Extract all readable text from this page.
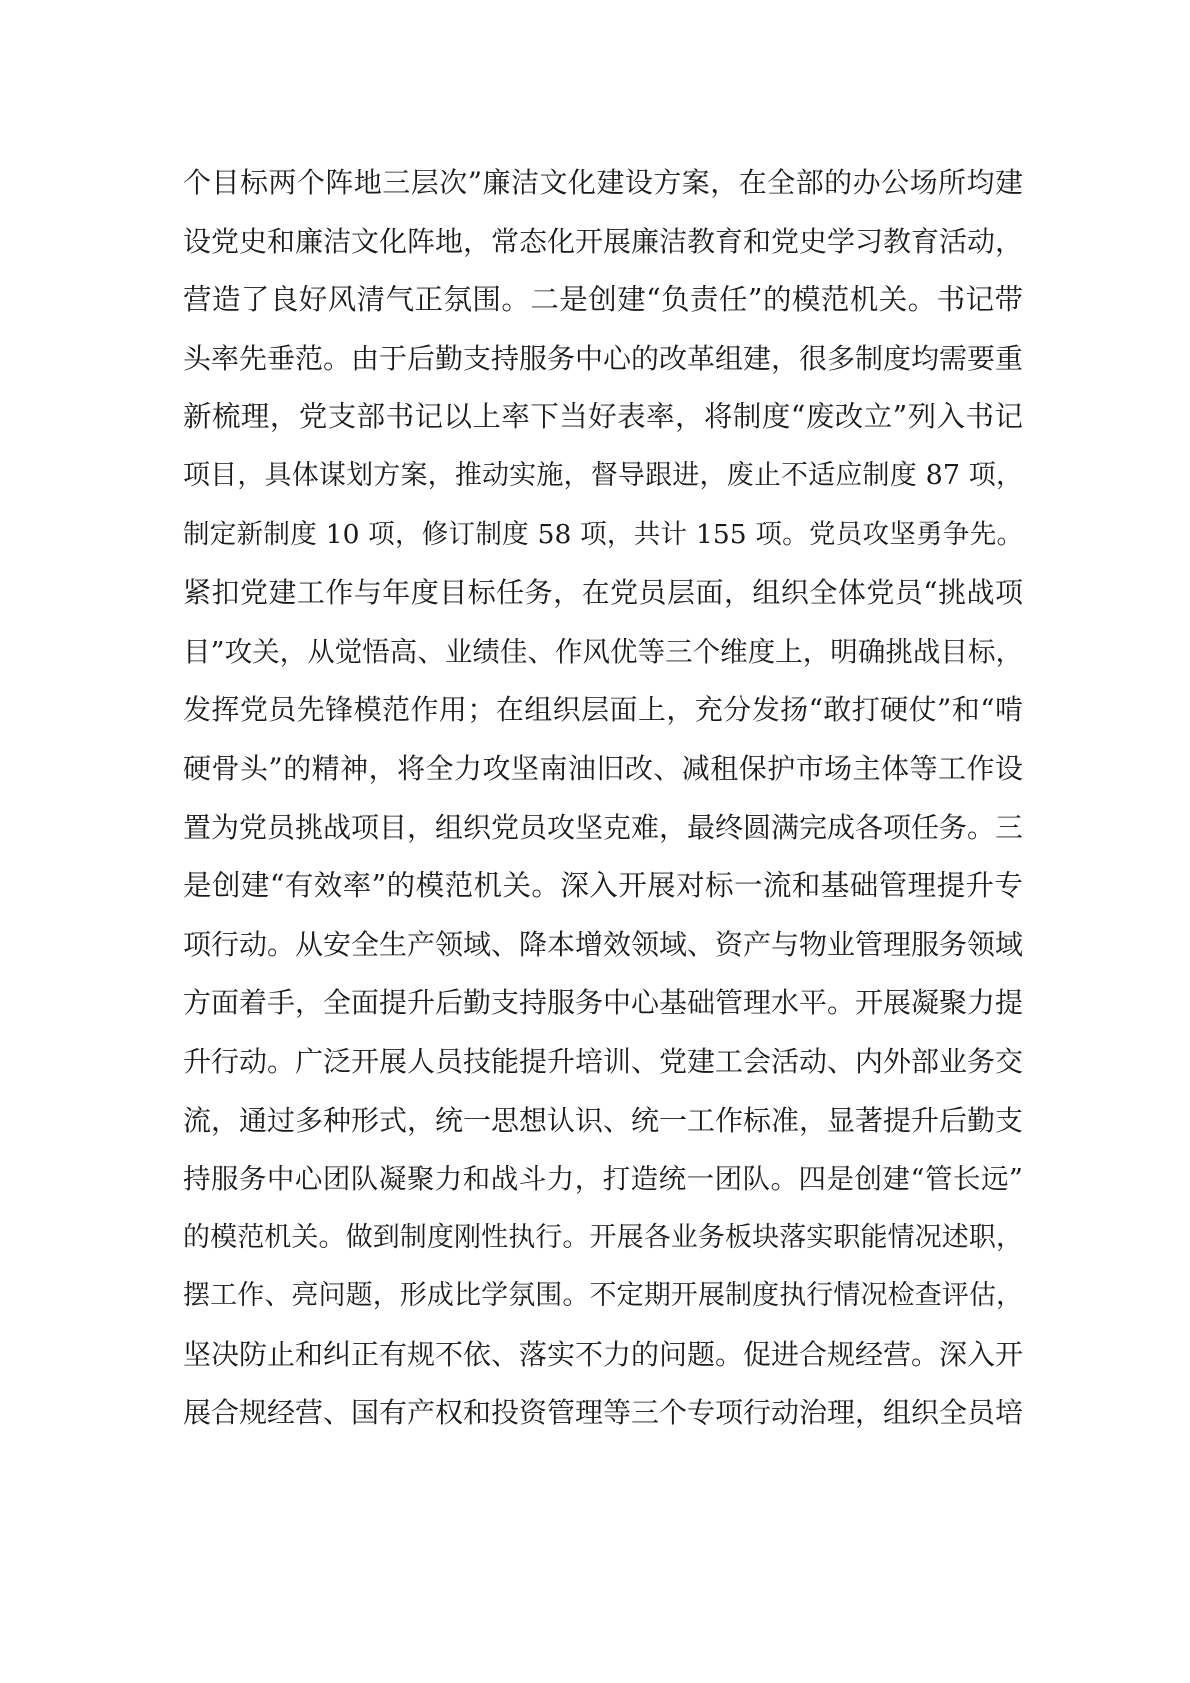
个目标两个阵地三层次”廉洁文化建设方案，在全部的办公场所均建
设党史和廉洁文化阵地，常态化开展廉洁教育和党史学习教育活动，
营造了良好风清气正氛围。二是创建“负责任”的模范机关。书记带
头率先垂范。由于后勤支持服务中心的改革组建，很多制度均需要重
新梳理，党支部书记以上率下当好表率，将制度“废改立”列入书记
项目，具体谋划方案，推动实施，督导跟进，废止不适应制度 87 项，
制定新制度 10 项，修订制度 58 项，共计 155 项。党员攻坚勇争先。
紧扣党建工作与年度目标任务，在党员层面，组织全体党员“挑战项
目”攻关，从觉悟高、业绩佳、作风优等三个维度上，明确挑战目标，
发挥党员先锋模范作用；在组织层面上，充分发扬“敢打硬仗”和“啃
硬骨头”的精神，将全力攻坚南油旧改、减租保护市场主体等工作设
置为党员挑战项目，组织党员攻坚克难，最终圆满完成各项任务。三
是创建“有效率”的模范机关。深入开展对标一流和基础管理提升专
项行动。从安全生产领域、降本增效领域、资产与物业管理服务领域
方面着手，全面提升后勤支持服务中心基础管理水平。开展凝聚力提
升行动。广泛开展人员技能提升培训、党建工会活动、内外部业务交
流，通过多种形式，统一思想认识、统一工作标准，显著提升后勤支
持服务中心团队凝聚力和战斗力，打造统一团队。四是创建“管长远”
的模范机关。做到制度刚性执行。开展各业务板块落实职能情况述职，
摆工作、亮问题，形成比学氛围。不定期开展制度执行情况检查评估，
坚决防止和纠正有规不依、落实不力的问题。促进合规经营。深入开
展合规经营、国有产权和投资管理等三个专项行动治理，组织全员培
